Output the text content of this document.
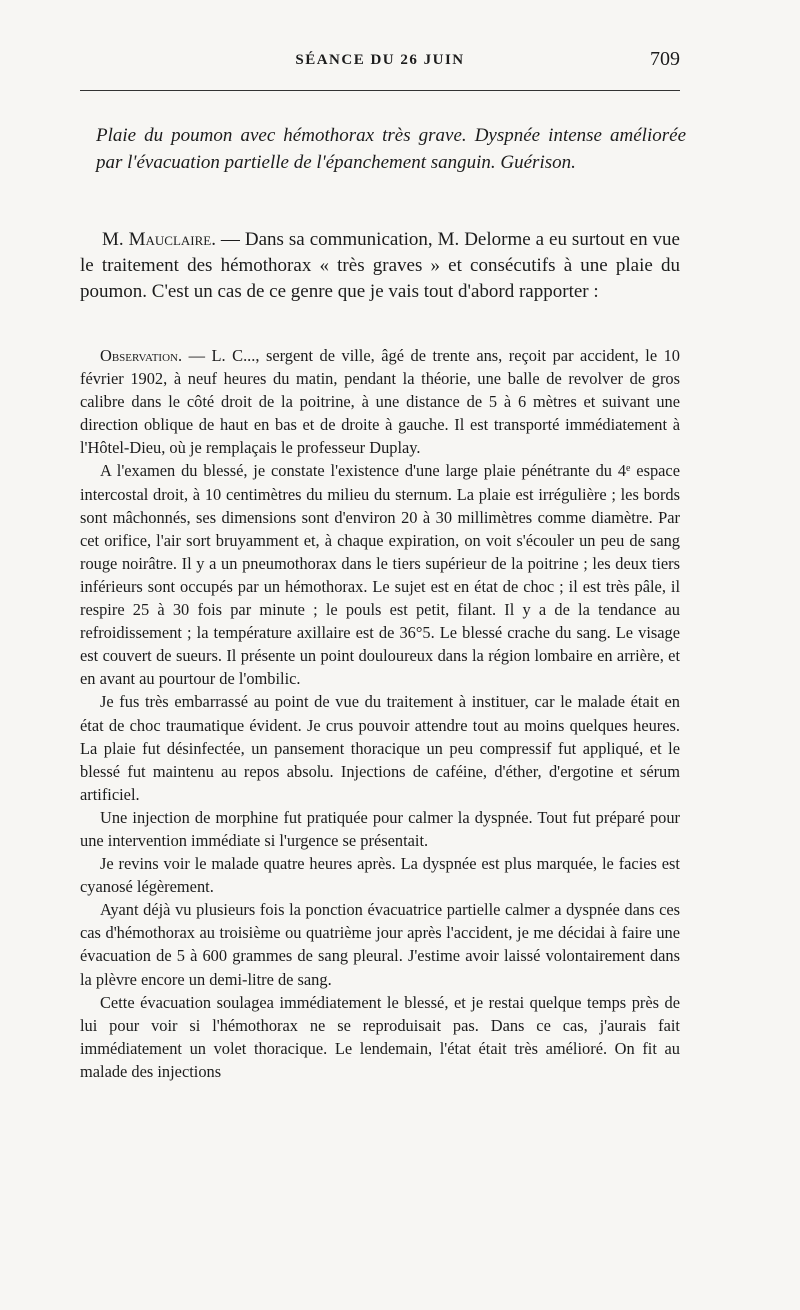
SÉANCE DU 26 JUIN	709
Plaie du poumon avec hémothorax très grave. Dyspnée intense améliorée par l'évacuation partielle de l'épanchement sanguin. Guérison.

M. Mauclaire. — Dans sa communication, M. Delorme a eu surtout en vue le traitement des hémothorax « très graves » et consécutifs à une plaie du poumon. C'est un cas de ce genre que je vais tout d'abord rapporter :

Observation. — L. C..., sergent de ville, âgé de trente ans, reçoit par accident, le 10 février 1902, à neuf heures du matin, pendant la théorie, une balle de revolver de gros calibre dans le côté droit de la poitrine, à une distance de 5 à 6 mètres et suivant une direction oblique de haut en bas et de droite à gauche. Il est transporté immédiatement à l'Hôtel-Dieu, où je remplaçais le professeur Duplay.

A l'examen du blessé, je constate l'existence d'une large plaie pénétrante du 4e espace intercostal droit, à 10 centimètres du milieu du sternum. La plaie est irrégulière ; les bords sont mâchonnés, ses dimensions sont d'environ 20 à 30 millimètres comme diamètre. Par cet orifice, l'air sort bruyamment et, à chaque expiration, on voit s'écouler un peu de sang rouge noirâtre. Il y a un pneumothorax dans le tiers supérieur de la poitrine ; les deux tiers inférieurs sont occupés par un hémothorax. Le sujet est en état de choc ; il est très pâle, il respire 25 à 30 fois par minute ; le pouls est petit, filant. Il y a de la tendance au refroidissement ; la température axillaire est de 36°5. Le blessé crache du sang. Le visage est couvert de sueurs. Il présente un point douloureux dans la région lombaire en arrière, et en avant au pourtour de l'ombilic.

Je fus très embarrassé au point de vue du traitement à instituer, car le malade était en état de choc traumatique évident. Je crus pouvoir attendre tout au moins quelques heures. La plaie fut désinfectée, un pansement thoracique un peu compressif fut appliqué, et le blessé fut maintenu au repos absolu. Injections de caféine, d'éther, d'ergotine et sérum artificiel.

Une injection de morphine fut pratiquée pour calmer la dyspnée. Tout fut préparé pour une intervention immédiate si l'urgence se présentait.

Je revins voir le malade quatre heures après. La dyspnée est plus marquée, le facies est cyanosé légèrement.

Ayant déjà vu plusieurs fois la ponction évacuatrice partielle calmer a dyspnée dans ces cas d'hémothorax au troisième ou quatrième jour après l'accident, je me décidai à faire une évacuation de 5 à 600 grammes de sang pleural. J'estime avoir laissé volontairement dans la plèvre encore un demi-litre de sang.

Cette évacuation soulagea immédiatement le blessé, et je restai quelque temps près de lui pour voir si l'hémothorax ne se reproduisait pas. Dans ce cas, j'aurais fait immédiatement un volet thoracique. Le lendemain, l'état était très amélioré. On fit au malade des injections
